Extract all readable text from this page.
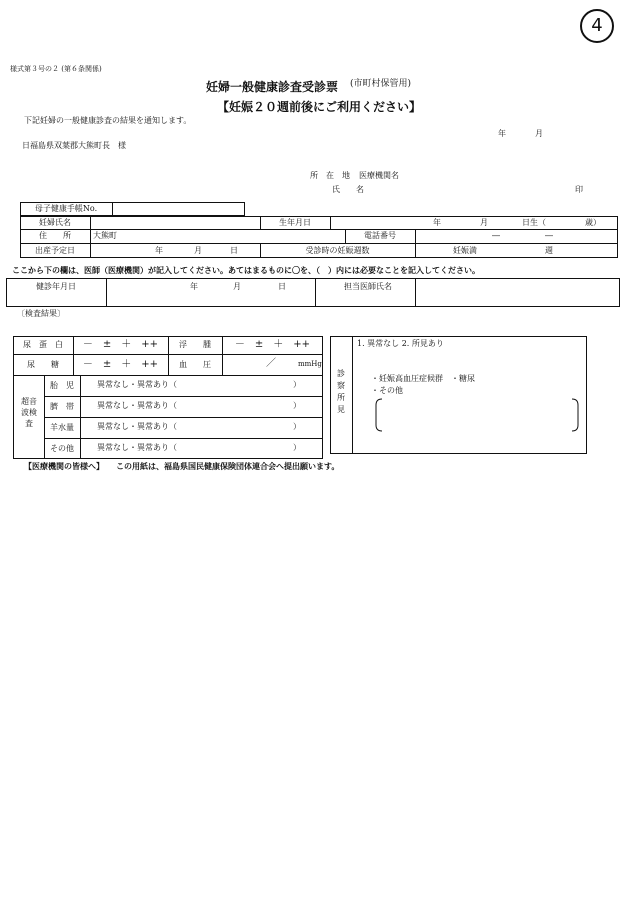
4
様式第３号の２ (第６条関係)
妊婦一般健康診査受診票 (市町村保管用)
【妊娠２０週前後にご利用ください】
下記妊婦の一般健康診査の結果を通知します。
年	月
日福島県双葉郡大熊町長　様
所　在　地 医療機関名
氏　　名	印
母子健康手帳No.
妊婦氏名	生年月日	年	月	日生（	歳）
住　　所	大熊町	電話番号	―	―
出産予定日	年	月	日	受診時の妊娠週数	妊娠満	週
ここから下の欄は、医師（医療機関）が記入してください。あてはまるものに〇を、（　）内には必要なことを記入してください。
健診年月日	年	月	日	担当医師氏名
〔検査結果〕
尿　蛋　白	－　±　＋　++	浮　　腫	－　±　＋　++
尿　　糖	－　±　＋　++	血　　圧	／	mmHg
超音波検査
胎　児	異常なし・異常あり（	）
臍　帯	異常なし・異常あり（	）
羊水量	異常なし・異常あり（	）
その他	異常なし・異常あり（	）
診察所見
1. 異常なし 2. 所見あり
・妊娠高血圧症候群　・糖尿
・その他
【医療機関の皆様へ】 この用紙は、福島県国民健康保険団体連合会へ提出願います。
